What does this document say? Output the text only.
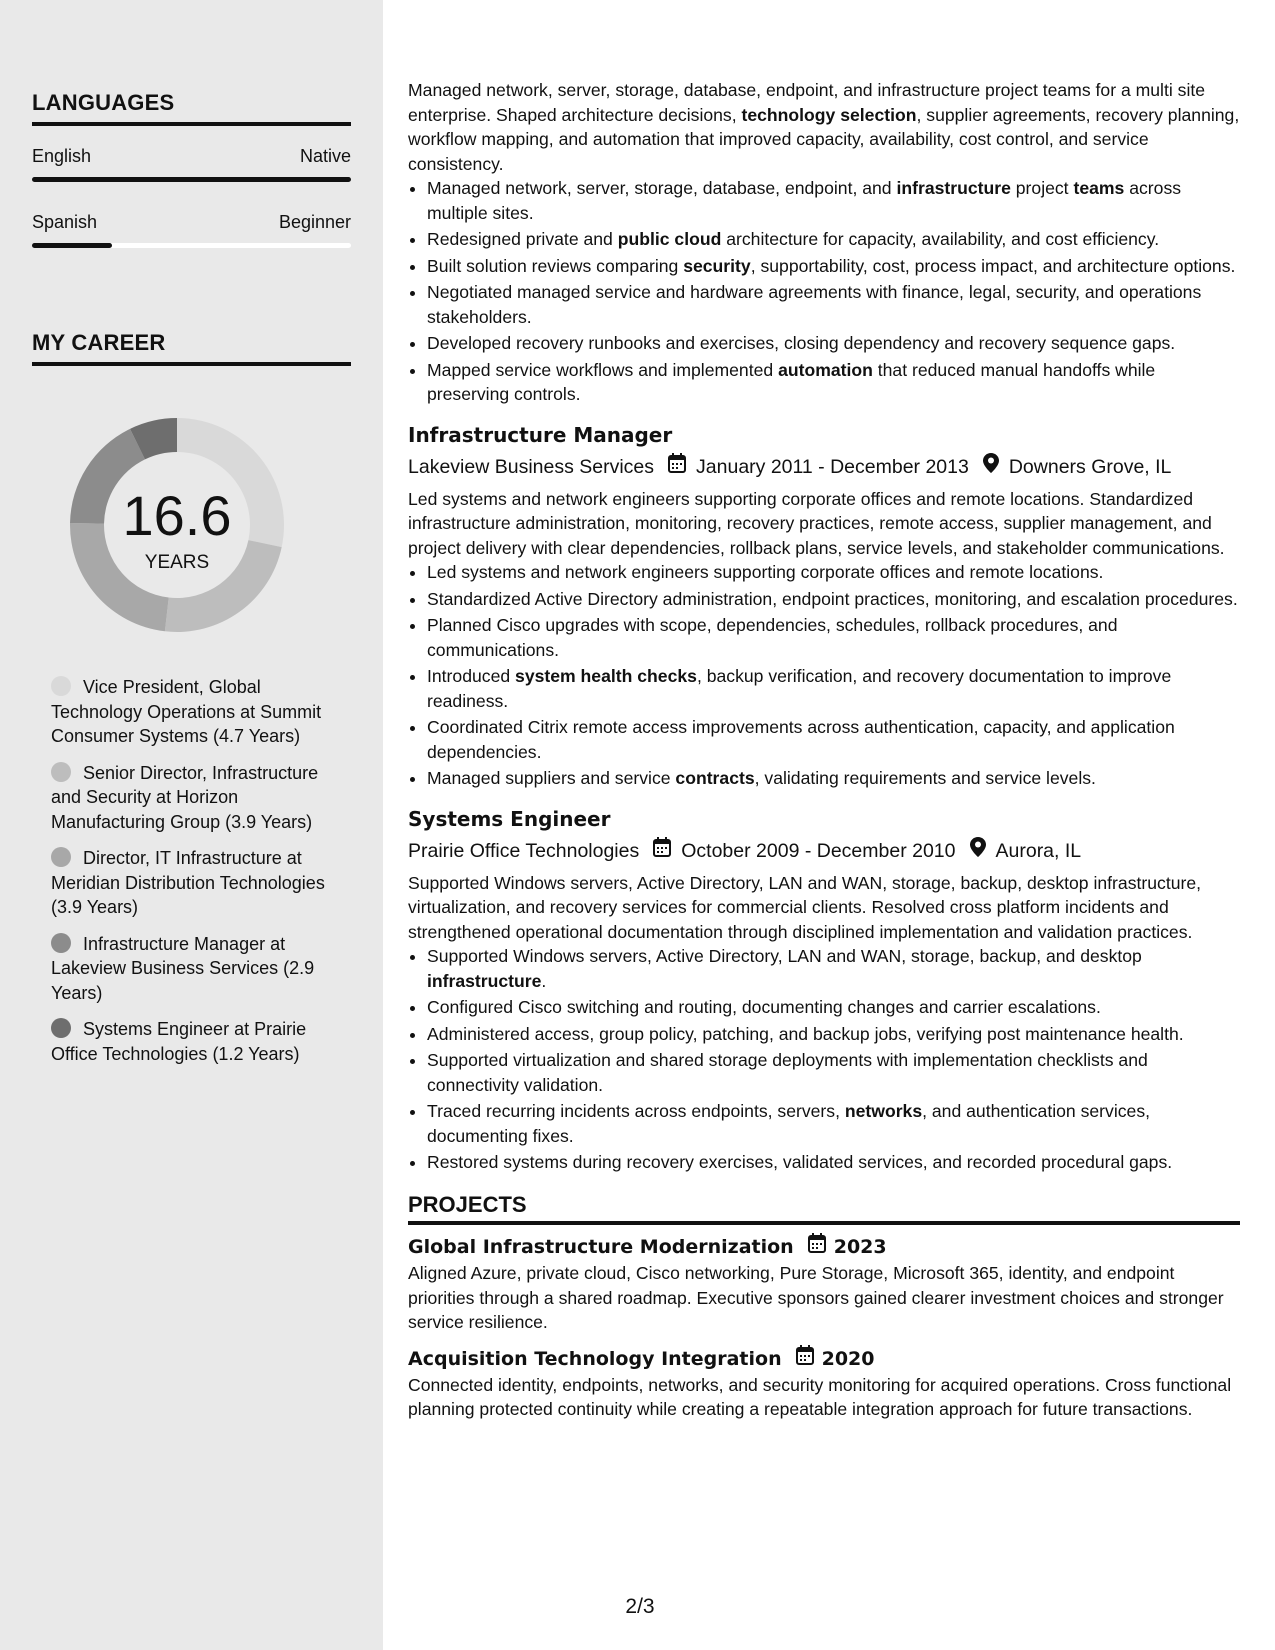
LANGUAGES
English	Native
Spanish	Beginner
MY CAREER
16.6
YEARS
Vice President, Global Technology Operations at Summit Consumer Systems (4.7 Years)
Senior Director, Infrastructure and Security at Horizon Manufacturing Group (3.9 Years)
Director, IT Infrastructure at Meridian Distribution Technologies (3.9 Years)
Infrastructure Manager at Lakeview Business Services (2.9 Years)
Systems Engineer at Prairie Office Technologies (1.2 Years)

Managed network, server, storage, database, endpoint, and infrastructure project teams for a multi site enterprise. Shaped architecture decisions, technology selection, supplier agreements, recovery planning, workflow mapping, and automation that improved capacity, availability, cost control, and service consistency.

• Managed network, server, storage, database, endpoint, and infrastructure project teams across multiple sites.
• Redesigned private and public cloud architecture for capacity, availability, and cost efficiency.
• Built solution reviews comparing security, supportability, cost, process impact, and architecture options.
• Negotiated managed service and hardware agreements with finance, legal, security, and operations stakeholders.
• Developed recovery runbooks and exercises, closing dependency and recovery sequence gaps.
• Mapped service workflows and implemented automation that reduced manual handoffs while preserving controls.
Infrastructure Manager
Lakeview Business Services January 2011 - December 2013 Downers Grove, IL

Led systems and network engineers supporting corporate offices and remote locations. Standardized infrastructure administration, monitoring, recovery practices, remote access, supplier management, and project delivery with clear dependencies, rollback plans, service levels, and stakeholder communications.

• Led systems and network engineers supporting corporate offices and remote locations.
• Standardized Active Directory administration, endpoint practices, monitoring, and escalation procedures.
• Planned Cisco upgrades with scope, dependencies, schedules, rollback procedures, and communications.
• Introduced system health checks, backup verification, and recovery documentation to improve readiness.
• Coordinated Citrix remote access improvements across authentication, capacity, and application dependencies.
• Managed suppliers and service contracts, validating requirements and service levels.
Systems Engineer
Prairie Office Technologies October 2009 - December 2010 Aurora, IL

Supported Windows servers, Active Directory, LAN and WAN, storage, backup, desktop infrastructure, virtualization, and recovery services for commercial clients. Resolved cross platform incidents and strengthened operational documentation through disciplined implementation and validation practices.

• Supported Windows servers, Active Directory, LAN and WAN, storage, backup, and desktop infrastructure.
• Configured Cisco switching and routing, documenting changes and carrier escalations.
• Administered access, group policy, patching, and backup jobs, verifying post maintenance health.
• Supported virtualization and shared storage deployments with implementation checklists and connectivity validation.
• Traced recurring incidents across endpoints, servers, networks, and authentication services, documenting fixes.
• Restored systems during recovery exercises, validated services, and recorded procedural gaps.
PROJECTS
Global Infrastructure Modernization 2023

Aligned Azure, private cloud, Cisco networking, Pure Storage, Microsoft 365, identity, and endpoint priorities through a shared roadmap. Executive sponsors gained clearer investment choices and stronger service resilience.

Acquisition Technology Integration 2020

Connected identity, endpoints, networks, and security monitoring for acquired operations. Cross functional planning protected continuity while creating a repeatable integration approach for future transactions.

2/3
